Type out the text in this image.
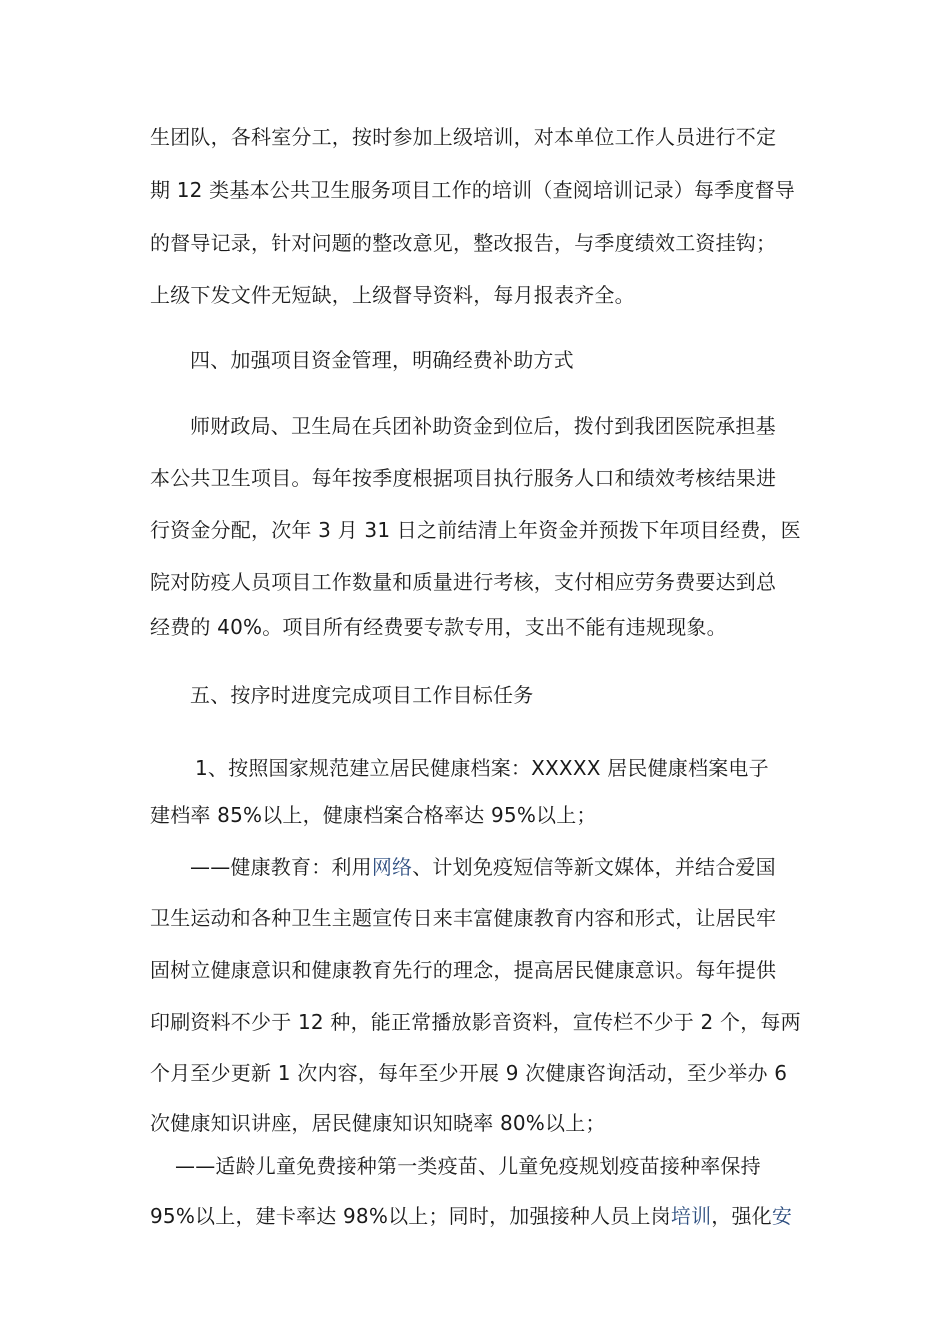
生团队，各科室分工，按时参加上级培训，对本单位工作人员进行不定
期 12 类基本公共卫生服务项目工作的培训（查阅培训记录）每季度督导
的督导记录，针对问题的整改意见，整改报告，与季度绩效工资挂钩；
上级下发文件无短缺，上级督导资料，每月报表齐全。
四、加强项目资金管理，明确经费补助方式
师财政局、卫生局在兵团补助资金到位后，拨付到我团医院承担基
本公共卫生项目。每年按季度根据项目执行服务人口和绩效考核结果进
行资金分配，次年 3 月 31 日之前结清上年资金并预拨下年项目经费，医
院对防疫人员项目工作数量和质量进行考核，支付相应劳务费要达到总
经费的 40%。项目所有经费要专款专用，支出不能有违规现象。
五、按序时进度完成项目工作目标任务
1、按照国家规范建立居民健康档案：XXXXX 居民健康档案电子
建档率 85%以上，健康档案合格率达 95%以上；
——健康教育：利用网络、计划免疫短信等新文媒体，并结合爱国
卫生运动和各种卫生主题宣传日来丰富健康教育内容和形式，让居民牢
固树立健康意识和健康教育先行的理念，提高居民健康意识。每年提供
印刷资料不少于 12 种，能正常播放影音资料，宣传栏不少于 2 个，每两
个月至少更新 1 次内容，每年至少开展 9 次健康咨询活动，至少举办 6
次健康知识讲座，居民健康知识知晓率 80%以上；
——适龄儿童免费接种第一类疫苗、儿童免疫规划疫苗接种率保持
95%以上，建卡率达 98%以上；同时，加强接种人员上岗培训，强化安
